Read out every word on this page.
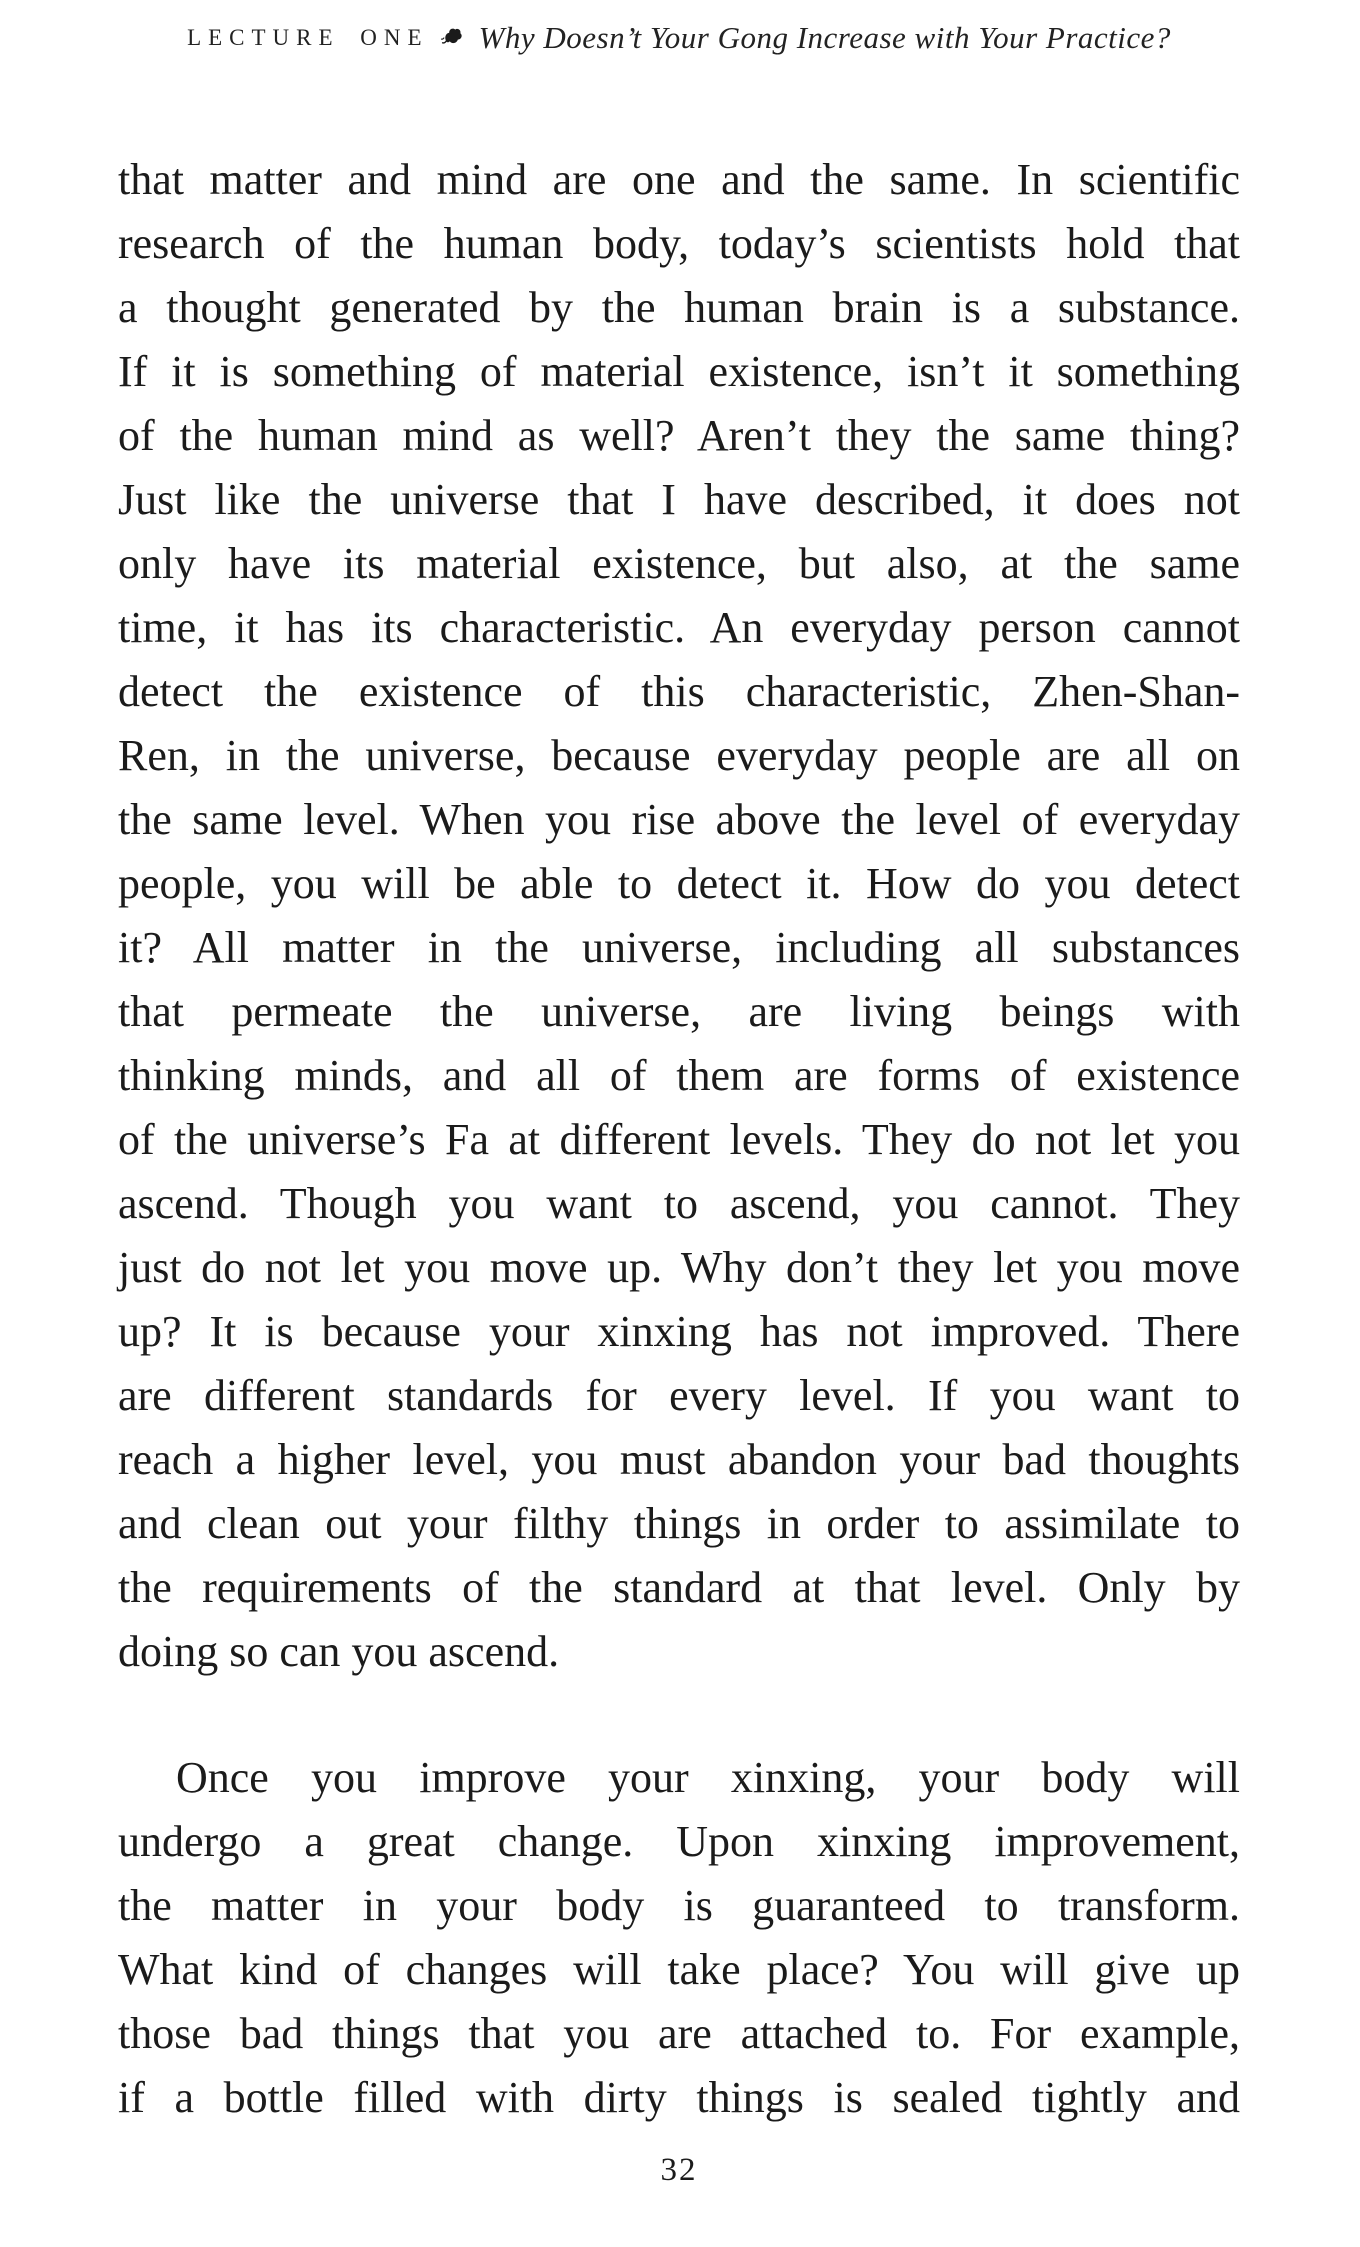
LECTURE ONE Why Doesn’t Your Gong Increase with Your Practice?
that matter and mind are one and the same. In scientific
research of the human body, today’s scientists hold that
a thought generated by the human brain is a substance.
If it is something of material existence, isn’t it something
of the human mind as well? Aren’t they the same thing?
Just like the universe that I have described, it does not
only have its material existence, but also, at the same
time, it has its characteristic. An everyday person cannot
detect the existence of this characteristic, Zhen-Shan-
Ren, in the universe, because everyday people are all on
the same level. When you rise above the level of everyday
people, you will be able to detect it. How do you detect
it? All matter in the universe, including all substances
that permeate the universe, are living beings with
thinking minds, and all of them are forms of existence
of the universe’s Fa at different levels. They do not let you
ascend. Though you want to ascend, you cannot. They
just do not let you move up. Why don’t they let you move
up? It is because your xinxing has not improved. There
are different standards for every level. If you want to
reach a higher level, you must abandon your bad thoughts
and clean out your filthy things in order to assimilate to
the requirements of the standard at that level. Only by
doing so can you ascend.
Once you improve your xinxing, your body will
undergo a great change. Upon xinxing improvement,
the matter in your body is guaranteed to transform.
What kind of changes will take place? You will give up
those bad things that you are attached to. For example,
if a bottle filled with dirty things is sealed tightly and
32
